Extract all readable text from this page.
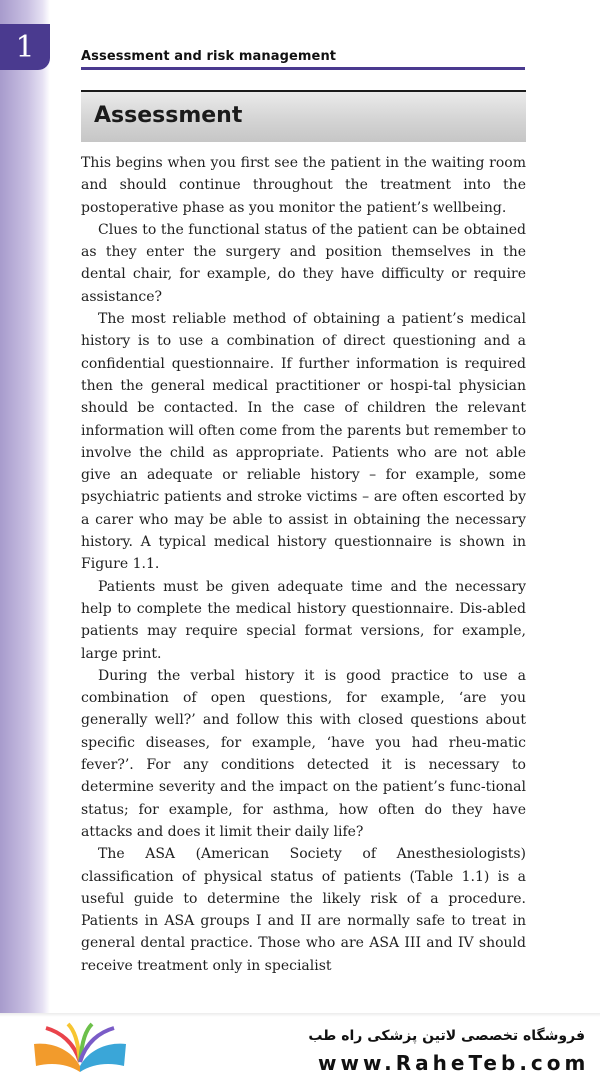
1	Assessment and risk management
Assessment

This begins when you first see the patient in the waiting room and should continue throughout the treatment into the postoperative phase as you monitor the patient’s wellbeing.

Clues to the functional status of the patient can be obtained as they enter the surgery and position themselves in the dental chair, for example, do they have difficulty or require assistance?

The most reliable method of obtaining a patient’s medical history is to use a combination of direct questioning and a confidential questionnaire. If further information is required then the general medical practitioner or hospi-tal physician should be contacted. In the case of children the relevant information will often come from the parents but remember to involve the child as appropriate. Patients who are not able give an adequate or reliable history – for example, some psychiatric patients and stroke victims – are often escorted by a carer who may be able to assist in obtaining the necessary history. A typical medical history questionnaire is shown in Figure 1.1.

Patients must be given adequate time and the necessary help to complete the medical history questionnaire. Dis-abled patients may require special format versions, for example, large print.

During the verbal history it is good practice to use a combination of open questions, for example, ‘are you generally well?’ and follow this with closed questions about specific diseases, for example, ‘have you had rheu-matic fever?’. For any conditions detected it is necessary to determine severity and the impact on the patient’s func-tional status; for example, for asthma, how often do they have attacks and does it limit their daily life?

The ASA (American Society of Anesthesiologists) classification of physical status of patients (Table 1.1) is a useful guide to determine the likely risk of a procedure. Patients in ASA groups I and II are normally safe to treat in general dental practice. Those who are ASA III and IV should receive treatment only in specialist

فروشگاه تخصصی لاتین پزشکی راه طب
www.RaheTeb.com
